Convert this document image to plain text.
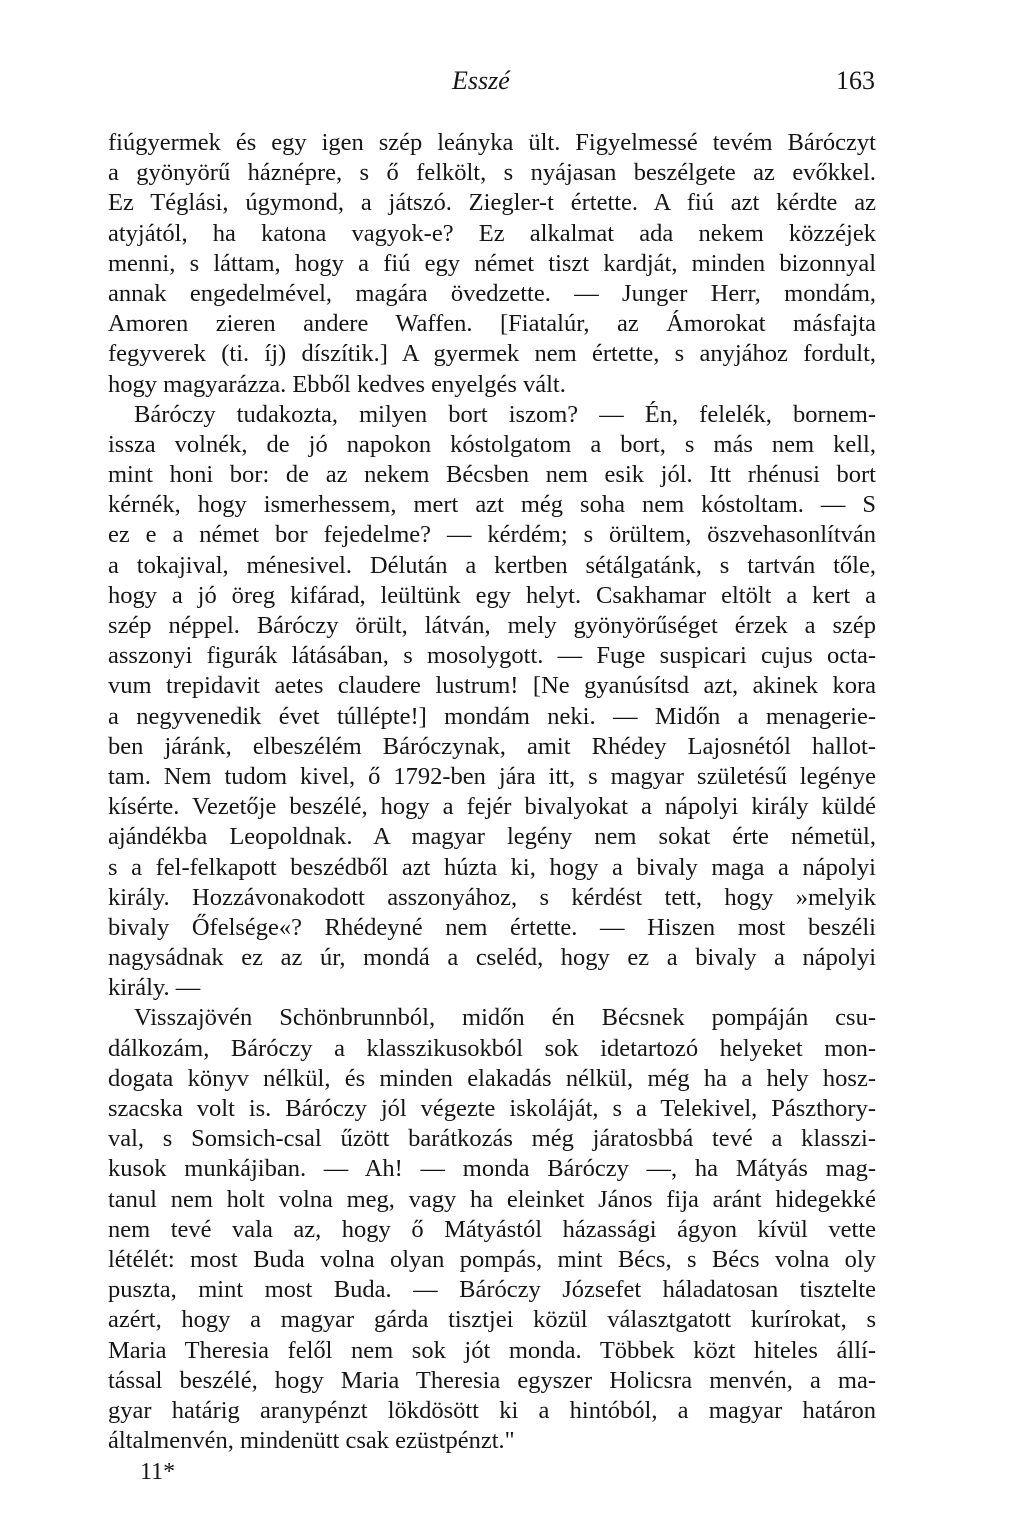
Esszé	163
fiúgyermek és egy igen szép leányka ült. Figyelmessé tevém Báróczyt
a gyönyörű háznépre, s ő felkölt, s nyájasan beszélgete az evőkkel.
Ez Téglási, úgymond, a játszó. Ziegler-t értette. A fiú azt kérdte az
atyjától, ha katona vagyok-e? Ez alkalmat ada nekem közzéjek
menni, s láttam, hogy a fiú egy német tiszt kardját, minden bizonnyal
annak engedelmével, magára övedzette. — Junger Herr, mondám,
Amoren zieren andere Waffen. [Fiatalúr, az Ámorokat másfajta
fegyverek (ti. íj) díszítik.] A gyermek nem értette, s anyjához fordult,
hogy magyarázza. Ebből kedves enyelgés vált.
Báróczy tudakozta, milyen bort iszom? — Én, felelék, bornem-
issza volnék, de jó napokon kóstolgatom a bort, s más nem kell,
mint honi bor: de az nekem Bécsben nem esik jól. Itt rhénusi bort
kérnék, hogy ismerhessem, mert azt még soha nem kóstoltam. — S
ez e a német bor fejedelme? — kérdém; s örültem, öszvehasonlítván
a tokajival, ménesivel. Délután a kertben sétálgatánk, s tartván tőle,
hogy a jó öreg kifárad, leültünk egy helyt. Csakhamar eltölt a kert a
szép néppel. Báróczy örült, látván, mely gyönyörűséget érzek a szép
asszonyi figurák látásában, s mosolygott. — Fuge suspicari cujus octa-
vum trepidavit aetes claudere lustrum! [Ne gyanúsítsd azt, akinek kora
a negyvenedik évet túllépte!] mondám neki. — Midőn a menagerie-
ben járánk, elbeszélém Báróczynak, amit Rhédey Lajosnétól hallot-
tam. Nem tudom kivel, ő 1792-ben jára itt, s magyar születésű legénye
kísérte. Vezetője beszélé, hogy a fejér bivalyokat a nápolyi király küldé
ajándékba Leopoldnak. A magyar legény nem sokat érte németül,
s a fel-felkapott beszédből azt húzta ki, hogy a bivaly maga a nápolyi
király. Hozzávonakodott asszonyához, s kérdést tett, hogy »melyik
bivaly Őfelsége«? Rhédeyné nem értette. — Hiszen most beszéli
nagysádnak ez az úr, mondá a cseléd, hogy ez a bivaly a nápolyi
király. —
Visszajövén Schönbrunnból, midőn én Bécsnek pompáján csu-
dálkozám, Báróczy a klasszikusokból sok idetartozó helyeket mon-
dogata könyv nélkül, és minden elakadás nélkül, még ha a hely hosz-
szacska volt is. Báróczy jól végezte iskoláját, s a Telekivel, Pászthory-
val, s Somsich-csal űzött barátkozás még járatosbbá tevé a klasszi-
kusok munkájiban. — Ah! — monda Báróczy —, ha Mátyás mag-
tanul nem holt volna meg, vagy ha eleinket János fija aránt hidegekké
nem tevé vala az, hogy ő Mátyástól házassági ágyon kívül vette
létélét: most Buda volna olyan pompás, mint Bécs, s Bécs volna oly
puszta, mint most Buda. — Báróczy Józsefet háladatosan tisztelte
azért, hogy a magyar gárda tisztjei közül választgatott kurírokat, s
Maria Theresia felől nem sok jót monda. Többek közt hiteles állí-
tással beszélé, hogy Maria Theresia egyszer Holicsra menvén, a ma-
gyar határig aranypénzt lökdösött ki a hintóból, a magyar határon
általmenvén, mindenütt csak ezüstpénzt."
11*
